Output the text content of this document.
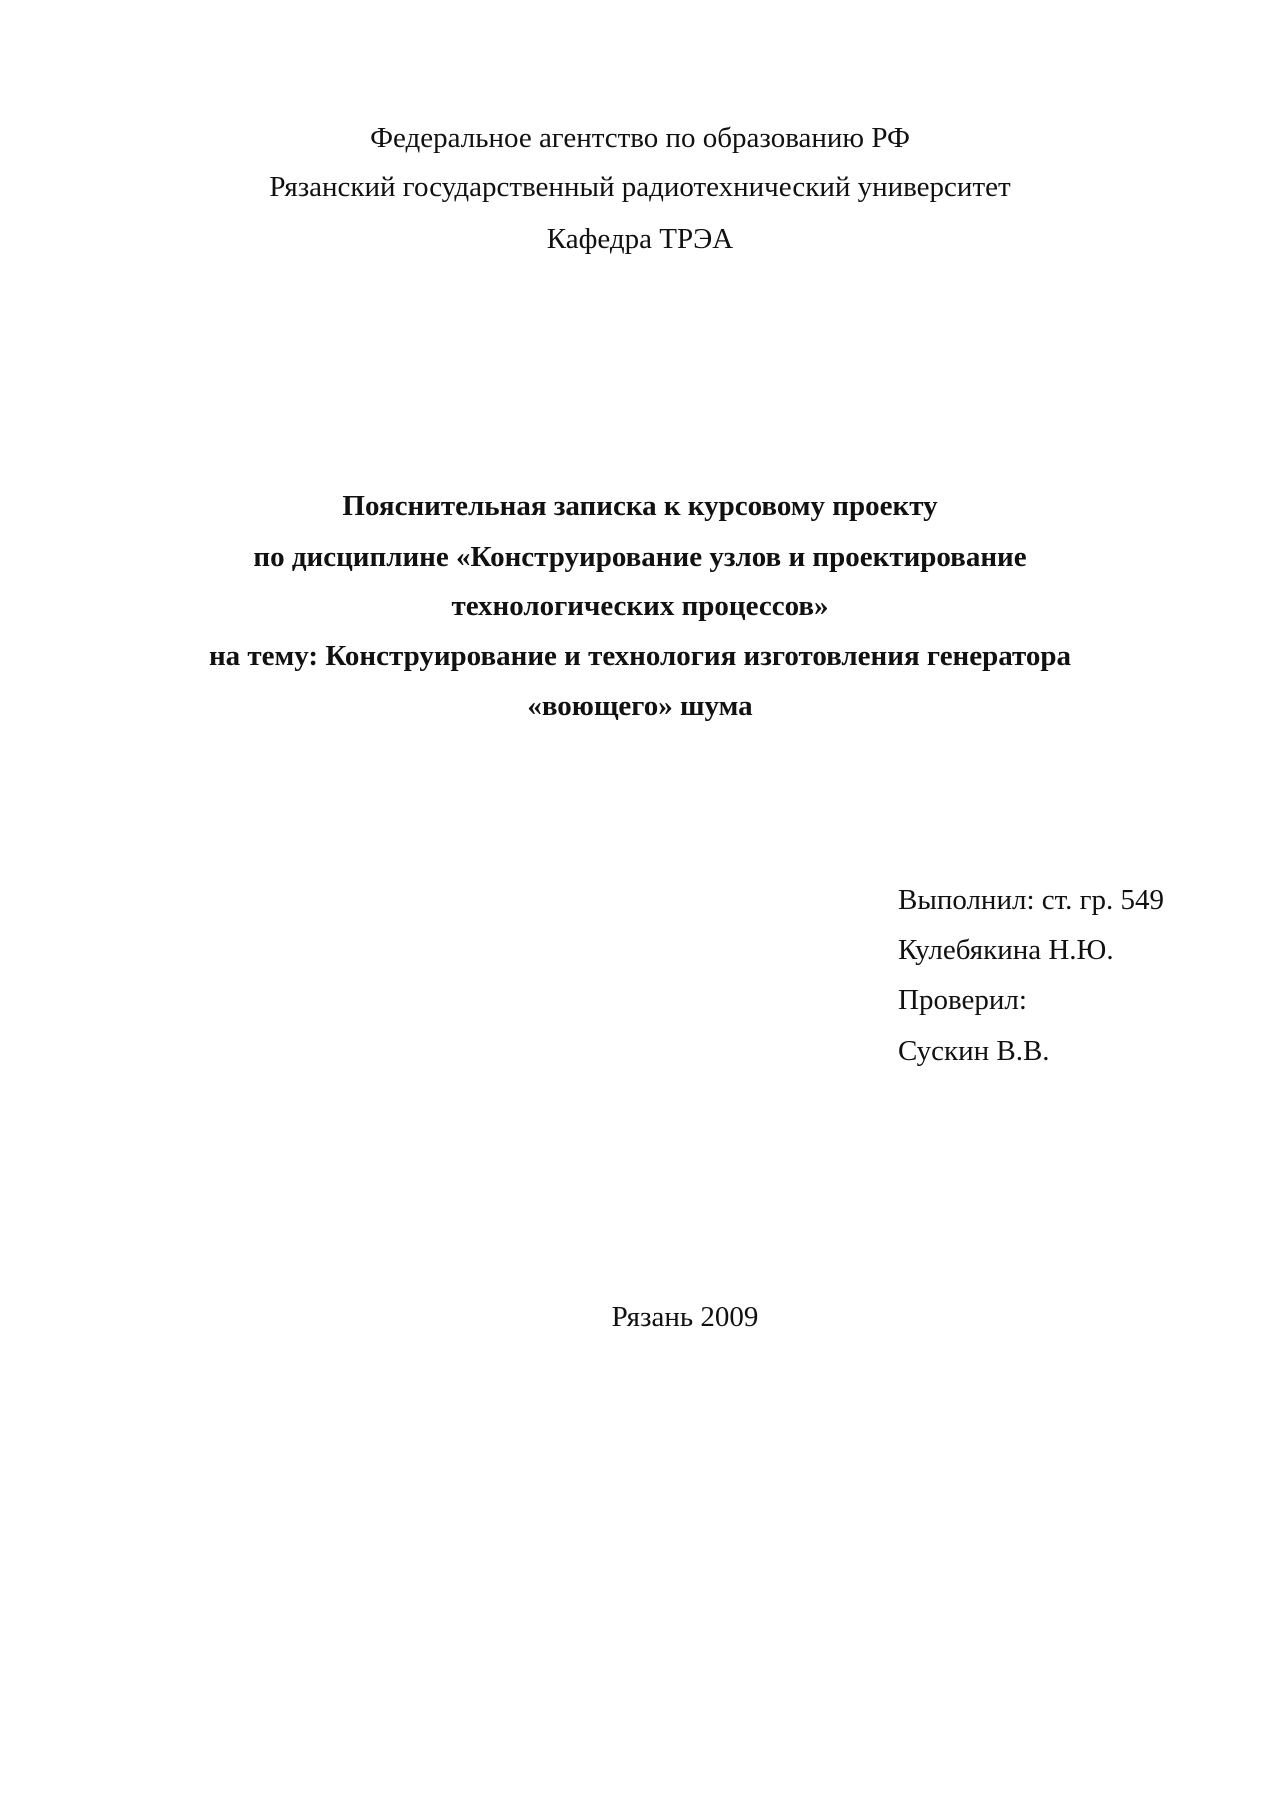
Федеральное агентство по образованию РФ
Рязанский государственный радиотехнический университет
Кафедра ТРЭА
Пояснительная записка к курсовому проекту
по дисциплине «Конструирование узлов и проектирование
технологических процессов»
на тему: Конструирование и технология изготовления генератора
«воющего» шума
Выполнил: ст. гр. 549
Кулебякина Н.Ю.
Проверил:
Сускин В.В.
Рязань 2009
